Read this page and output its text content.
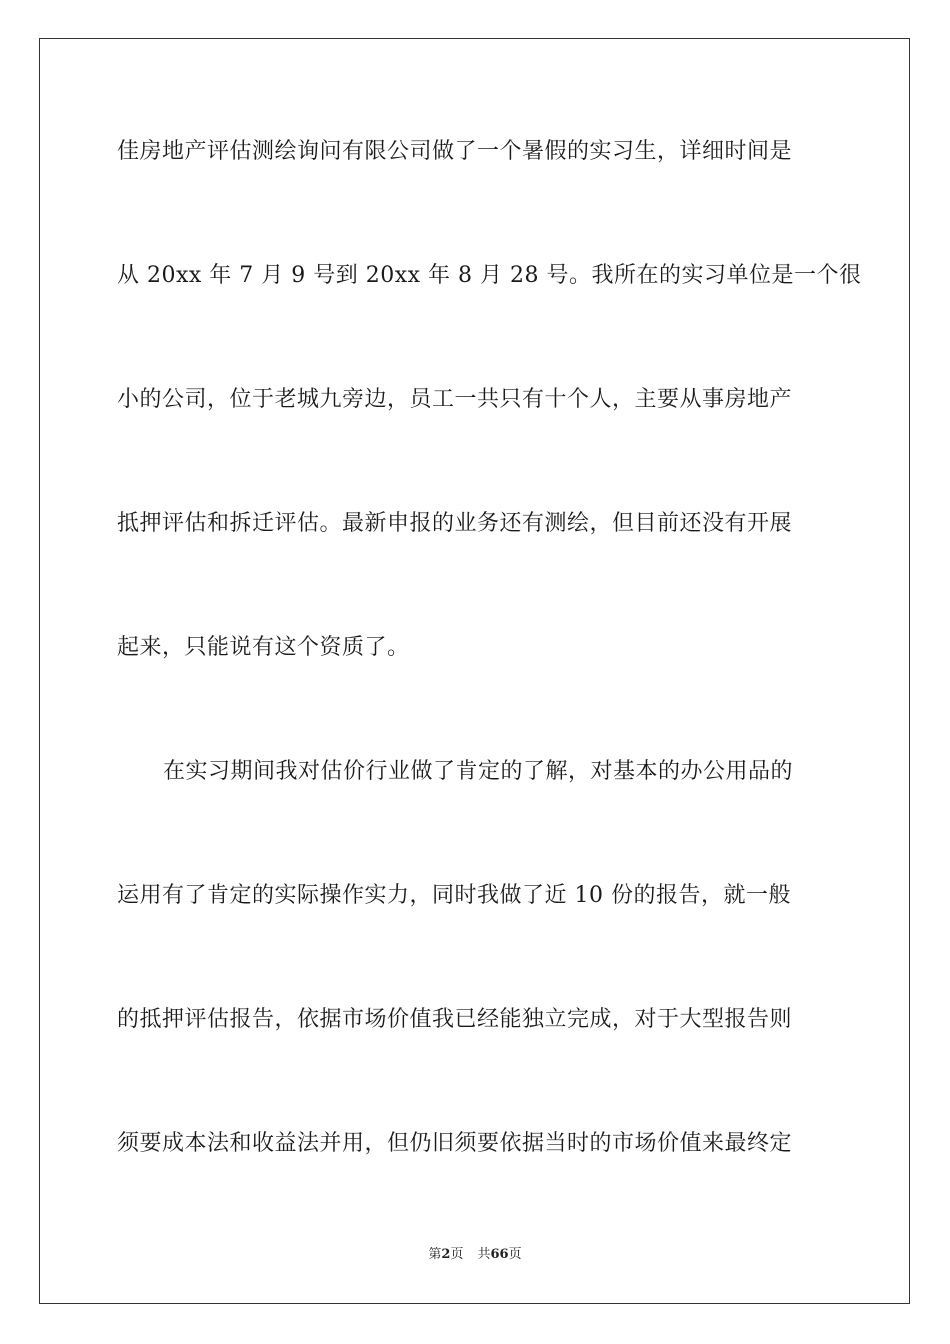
佳房地产评估测绘询问有限公司做了一个暑假的实习生，详细时间是
从 20xx 年 7 月 9 号到 20xx 年 8 月 28 号。我所在的实习单位是一个很
小的公司，位于老城九旁边，员工一共只有十个人，主要从事房地产
抵押评估和拆迁评估。最新申报的业务还有测绘，但目前还没有开展
起来，只能说有这个资质了。
在实习期间我对估价行业做了肯定的了解，对基本的办公用品的
运用有了肯定的实际操作实力，同时我做了近 10 份的报告，就一般
的抵押评估报告，依据市场价值我已经能独立完成，对于大型报告则
须要成本法和收益法并用，但仍旧须要依据当时的市场价值来最终定
第2页 共66页
